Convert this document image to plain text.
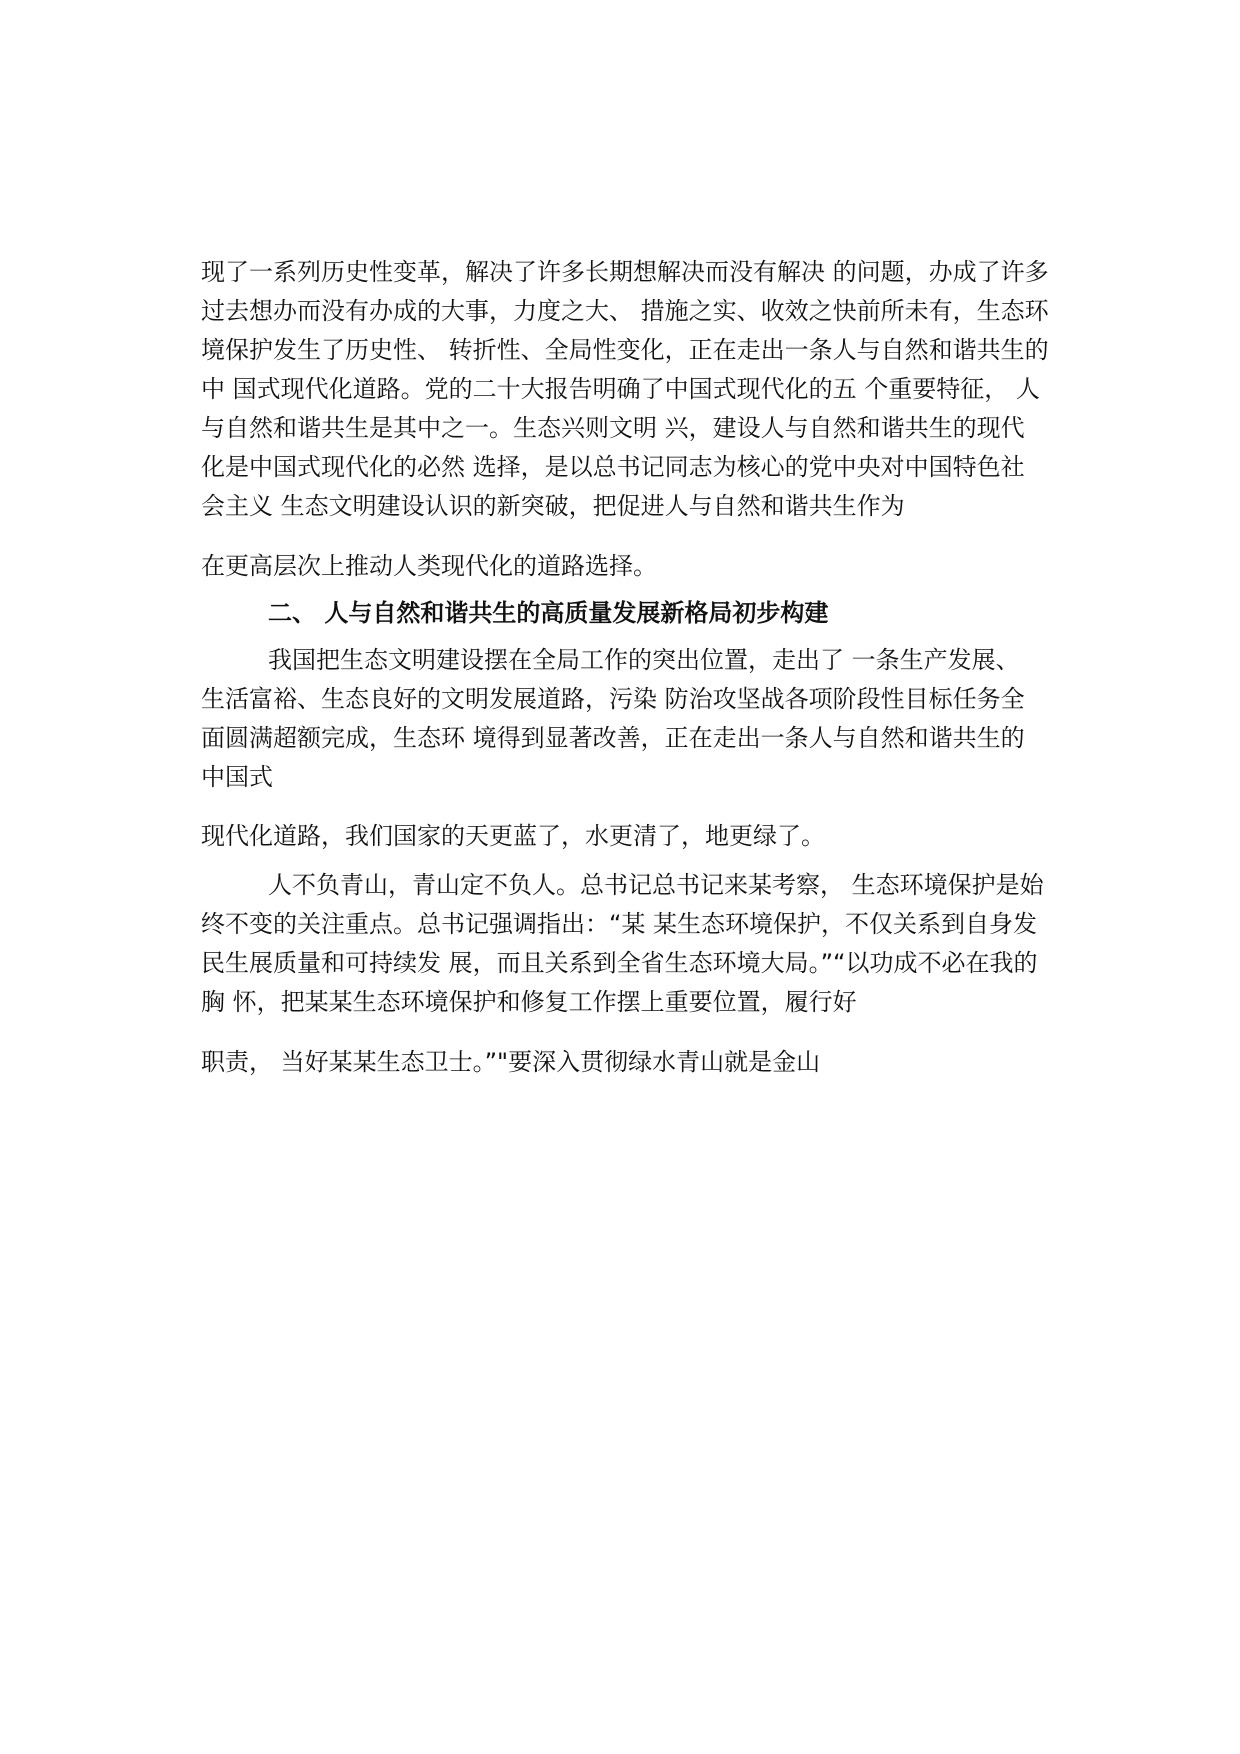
现了一系列历史性变革，解决了许多长期想解决而没有解决 的问题，办成了许多
过去想办而没有办成的大事，力度之大、 措施之实、收效之快前所未有，生态环
境保护发生了历史性、 转折性、全局性变化，正在走出一条人与自然和谐共生的
中 国式现代化道路。党的二十大报告明确了中国式现代化的五 个重要特征， 人
与自然和谐共生是其中之一。生态兴则文明 兴，建设人与自然和谐共生的现代
化是中国式现代化的必然 选择，是以总书记同志为核心的党中央对中国特色社
会主义 生态文明建设认识的新突破，把促进人与自然和谐共生作为
在更高层次上推动人类现代化的道路选择。
二、 人与自然和谐共生的高质量发展新格局初步构建
我国把生态文明建设摆在全局工作的突出位置，走出了 一条生产发展、
生活富裕、生态良好的文明发展道路，污染 防治攻坚战各项阶段性目标任务全
面圆满超额完成，生态环 境得到显著改善，正在走出一条人与自然和谐共生的
中国式
现代化道路，我们国家的天更蓝了，水更清了，地更绿了。
人不负青山，青山定不负人。总书记总书记来某考察， 生态环境保护是始
终不变的关注重点。总书记强调指出：“某 某生态环境保护，不仅关系到自身发
民生展质量和可持续发 展，而且关系到全省生态环境大局。”“以功成不必在我的
胸 怀，把某某生态环境保护和修复工作摆上重要位置，履行好
职责， 当好某某生态卫士。”"要深入贯彻绿水青山就是金山
